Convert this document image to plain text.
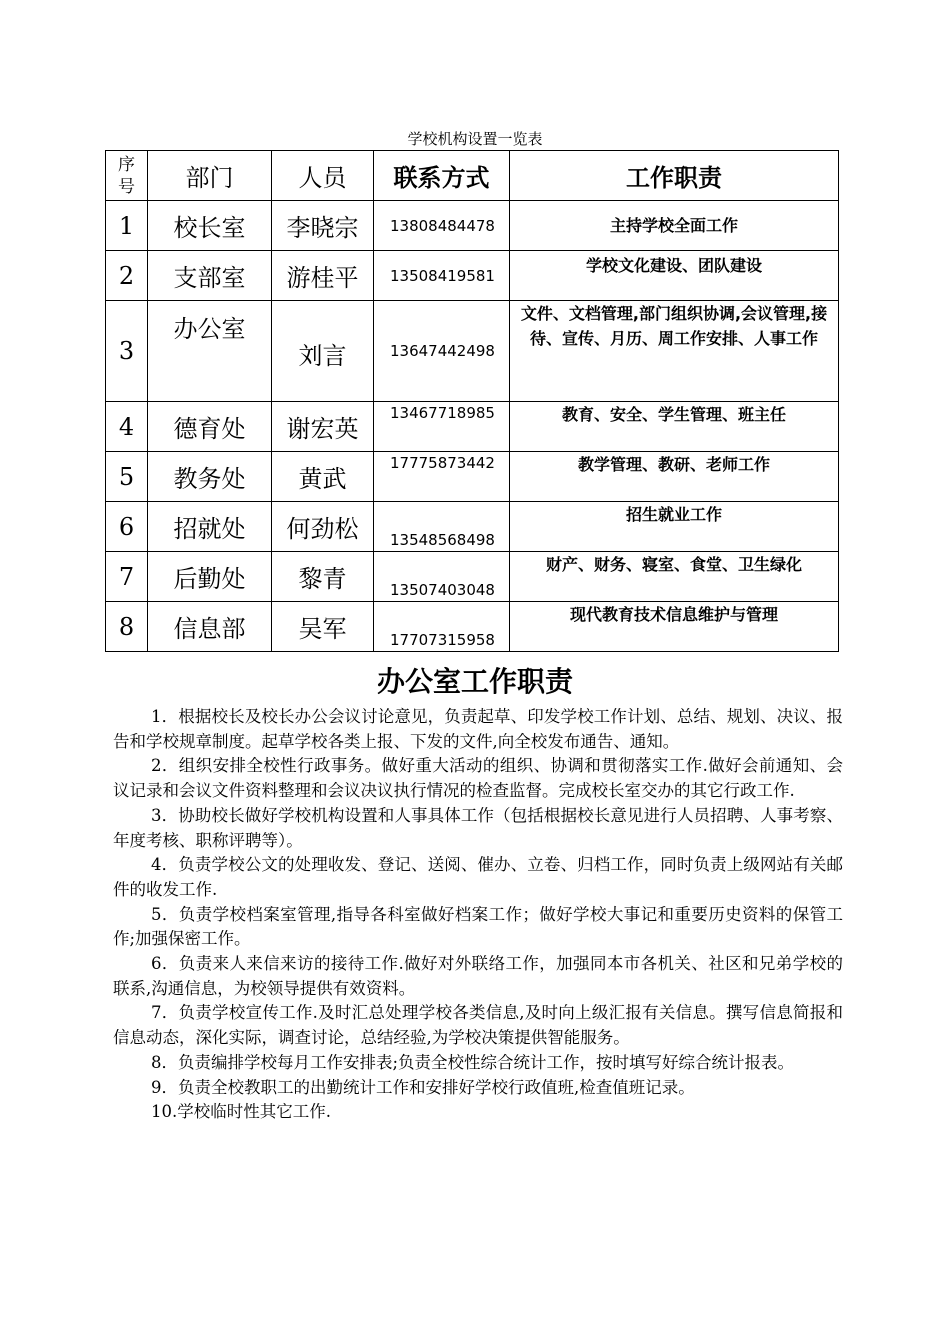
学校机构设置一览表
序号	部门	人员	联系方式	工作职责
1	校长室	李晓宗	13808484478	主持学校全面工作
2	支部室	游桂平	13508419581	学校文化建设、团队建设
3	办公室	刘言	13647442498	文件、文档管理,部门组织协调,会议管理,接待、宣传、月历、周工作安排、人事工作
4	德育处	谢宏英	13467718985	教育、安全、学生管理、班主任
5	教务处	黄武	17775873442	教学管理、教研、老师工作
6	招就处	何劲松	13548568498	招生就业工作
7	后勤处	黎青	13507403048	财产、财务、寝室、食堂、卫生绿化
8	信息部	吴军	17707315958	现代教育技术信息维护与管理
办公室工作职责

1．根据校长及校长办公会议讨论意见，负责起草、印发学校工作计划、总结、规划、决议、报告和学校规章制度。起草学校各类上报、下发的文件,向全校发布通告、通知。

2．组织安排全校性行政事务。做好重大活动的组织、协调和贯彻落实工作.做好会前通知、会议记录和会议文件资料整理和会议决议执行情况的检查监督。完成校长室交办的其它行政工作.

3．协助校长做好学校机构设置和人事具体工作（包括根据校长意见进行人员招聘、人事考察、年度考核、职称评聘等）。

4．负责学校公文的处理收发、登记、送阅、催办、立卷、归档工作，同时负责上级网站有关邮件的收发工作.

5．负责学校档案室管理,指导各科室做好档案工作；做好学校大事记和重要历史资料的保管工作;加强保密工作。

6．负责来人来信来访的接待工作.做好对外联络工作，加强同本市各机关、社区和兄弟学校的联系,沟通信息，为校领导提供有效资料。

7．负责学校宣传工作.及时汇总处理学校各类信息,及时向上级汇报有关信息。撰写信息简报和信息动态，深化实际，调查讨论，总结经验,为学校决策提供智能服务。

8．负责编排学校每月工作安排表;负责全校性综合统计工作，按时填写好综合统计报表。

9．负责全校教职工的出勤统计工作和安排好学校行政值班,检查值班记录。

10.学校临时性其它工作.
